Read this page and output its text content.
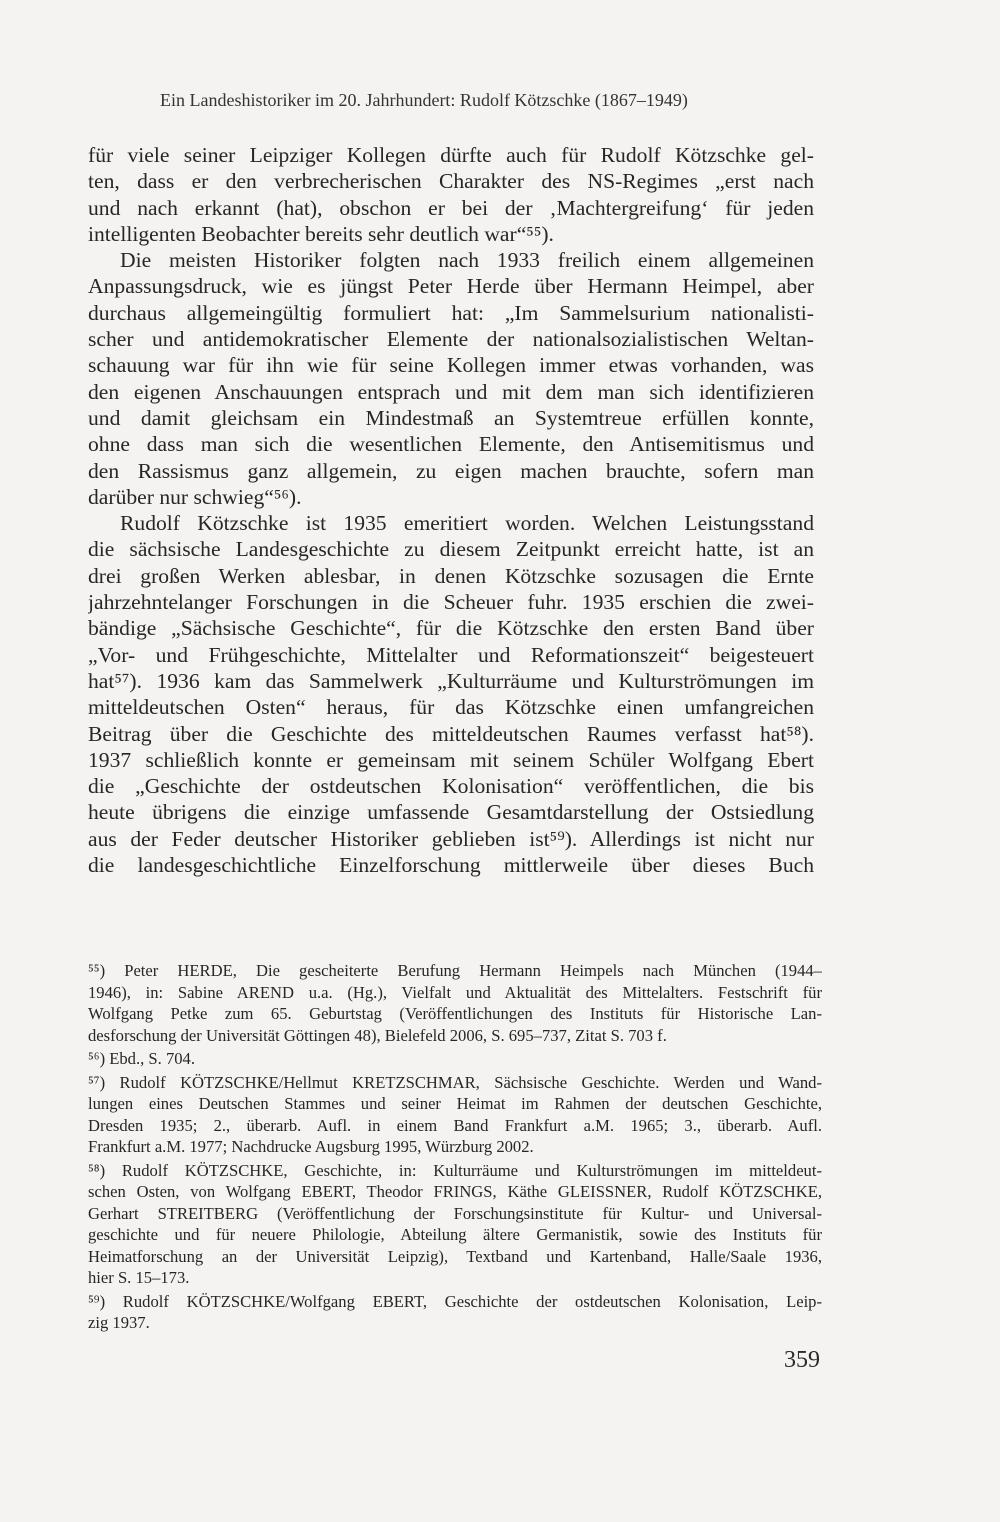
Ein Landeshistoriker im 20. Jahrhundert: Rudolf Kötzschke (1867–1949)
für viele seiner Leipziger Kollegen dürfte auch für Rudolf Kötzschke gel-
ten, dass er den verbrecherischen Charakter des NS-Regimes „erst nach
und nach erkannt (hat), obschon er bei der ‚Machtergreifung‘ für jeden
intelligenten Beobachter bereits sehr deutlich war“⁵⁵).
Die meisten Historiker folgten nach 1933 freilich einem allgemeinen
Anpassungsdruck, wie es jüngst Peter Herde über Hermann Heimpel, aber
durchaus allgemeingültig formuliert hat: „Im Sammelsurium nationalisti-
scher und antidemokratischer Elemente der nationalsozialistischen Weltan-
schauung war für ihn wie für seine Kollegen immer etwas vorhanden, was
den eigenen Anschauungen entsprach und mit dem man sich identifizieren
und damit gleichsam ein Mindestmaß an Systemtreue erfüllen konnte,
ohne dass man sich die wesentlichen Elemente, den Antisemitismus und
den Rassismus ganz allgemein, zu eigen machen brauchte, sofern man
darüber nur schwieg“⁵⁶).
Rudolf Kötzschke ist 1935 emeritiert worden. Welchen Leistungsstand
die sächsische Landesgeschichte zu diesem Zeitpunkt erreicht hatte, ist an
drei großen Werken ablesbar, in denen Kötzschke sozusagen die Ernte
jahrzehntelanger Forschungen in die Scheuer fuhr. 1935 erschien die zwei-
bändige „Sächsische Geschichte“, für die Kötzschke den ersten Band über
„Vor- und Frühgeschichte, Mittelalter und Reformationszeit“ beigesteuert
hat⁵⁷). 1936 kam das Sammelwerk „Kulturräume und Kulturströmungen im
mitteldeutschen Osten“ heraus, für das Kötzschke einen umfangreichen
Beitrag über die Geschichte des mitteldeutschen Raumes verfasst hat⁵⁸).
1937 schließlich konnte er gemeinsam mit seinem Schüler Wolfgang Ebert
die „Geschichte der ostdeutschen Kolonisation“ veröffentlichen, die bis
heute übrigens die einzige umfassende Gesamtdarstellung der Ostsiedlung
aus der Feder deutscher Historiker geblieben ist⁵⁹). Allerdings ist nicht nur
die landesgeschichtliche Einzelforschung mittlerweile über dieses Buch
⁵⁵) Peter HERDE, Die gescheiterte Berufung Hermann Heimpels nach München (1944–
1946), in: Sabine AREND u.a. (Hg.), Vielfalt und Aktualität des Mittelalters. Festschrift für
Wolfgang Petke zum 65. Geburtstag (Veröffentlichungen des Instituts für Historische Lan-
desforschung der Universität Göttingen 48), Bielefeld 2006, S. 695–737, Zitat S. 703 f.
⁵⁶) Ebd., S. 704.
⁵⁷) Rudolf KÖTZSCHKE/Hellmut KRETZSCHMAR, Sächsische Geschichte. Werden und Wand-
lungen eines Deutschen Stammes und seiner Heimat im Rahmen der deutschen Geschichte,
Dresden 1935; 2., überarb. Aufl. in einem Band Frankfurt a.M. 1965; 3., überarb. Aufl.
Frankfurt a.M. 1977; Nachdrucke Augsburg 1995, Würzburg 2002.
⁵⁸) Rudolf KÖTZSCHKE, Geschichte, in: Kulturräume und Kulturströmungen im mitteldeut-
schen Osten, von Wolfgang EBERT, Theodor FRINGS, Käthe GLEISSNER, Rudolf KÖTZSCHKE,
Gerhart STREITBERG (Veröffentlichung der Forschungsinstitute für Kultur- und Universal-
geschichte und für neuere Philologie, Abteilung ältere Germanistik, sowie des Instituts für
Heimatforschung an der Universität Leipzig), Textband und Kartenband, Halle/Saale 1936,
hier S. 15–173.
⁵⁹) Rudolf KÖTZSCHKE/Wolfgang EBERT, Geschichte der ostdeutschen Kolonisation, Leip-
zig 1937.
359
